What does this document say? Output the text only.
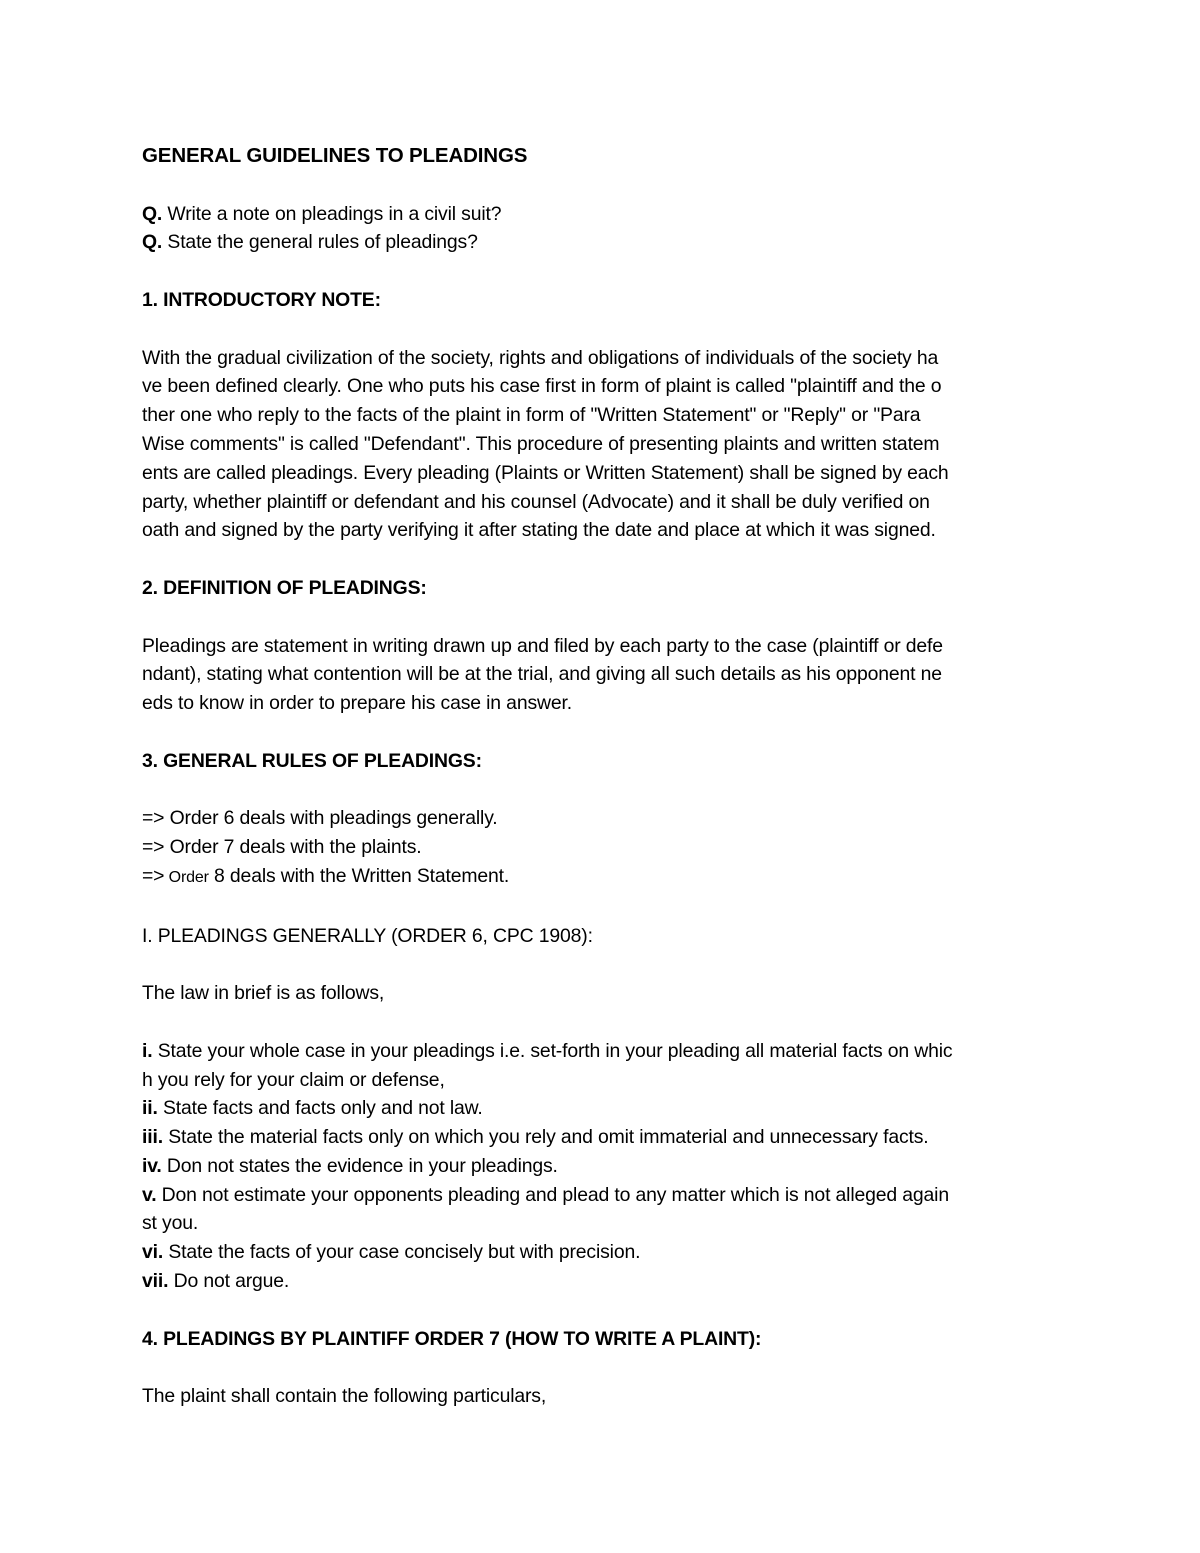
GENERAL GUIDELINES TO PLEADINGS
Q. Write a note on pleadings in a civil suit?
Q. State the general rules of pleadings?
1. INTRODUCTORY NOTE:
With the gradual civilization of the society, rights and obligations of individuals of the society ha
ve been defined clearly. One who puts his case first in form of plaint is called "plaintiff and the o
ther one who reply to the facts of the plaint in form of "Written Statement" or "Reply" or "Para
Wise comments" is called "Defendant". This procedure of presenting plaints and written statem
ents are called pleadings. Every pleading (Plaints or Written Statement) shall be signed by each
party, whether plaintiff or defendant and his counsel (Advocate) and it shall be duly verified on
oath and signed by the party verifying it after stating the date and place at which it was signed.
2. DEFINITION OF PLEADINGS:
Pleadings are statement in writing drawn up and filed by each party to the case (plaintiff or defe
ndant), stating what contention will be at the trial, and giving all such details as his opponent ne
eds to know in order to prepare his case in answer.
3. GENERAL RULES OF PLEADINGS:
=> Order 6 deals with pleadings generally.
=> Order 7 deals with the plaints.
=> Order 8 deals with the Written Statement.
I. PLEADINGS GENERALLY (ORDER 6, CPC 1908):
The law in brief is as follows,
i. State your whole case in your pleadings i.e. set-forth in your pleading all material facts on whic
h you rely for your claim or defense,
ii. State facts and facts only and not law.
iii. State the material facts only on which you rely and omit immaterial and unnecessary facts.
iv. Don not states the evidence in your pleadings.
v. Don not estimate your opponents pleading and plead to any matter which is not alleged again
st you.
vi. State the facts of your case concisely but with precision.
vii. Do not argue.
4. PLEADINGS BY PLAINTIFF ORDER 7 (HOW TO WRITE A PLAINT):
The plaint shall contain the following particulars,
